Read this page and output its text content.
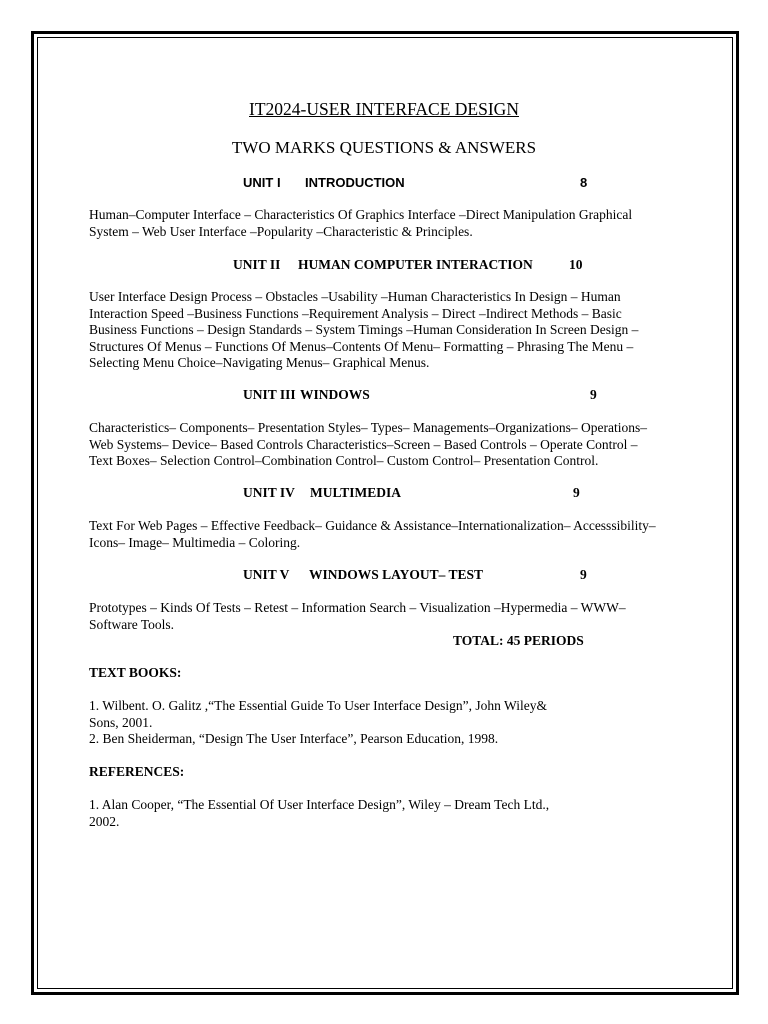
IT2024-USER INTERFACE DESIGN
TWO MARKS QUESTIONS & ANSWERS
UNIT I INTRODUCTION	8
Human–Computer Interface – Characteristics Of Graphics Interface –Direct Manipulation Graphical
System – Web User Interface –Popularity –Characteristic & Principles.
UNIT II HUMAN COMPUTER INTERACTION	10
User Interface Design Process – Obstacles –Usability –Human Characteristics In Design – Human
Interaction Speed –Business Functions –Requirement Analysis – Direct –Indirect Methods – Basic
Business Functions – Design Standards – System Timings –Human Consideration In Screen Design –
Structures Of Menus – Functions Of Menus–Contents Of Menu– Formatting – Phrasing The Menu –
Selecting Menu Choice–Navigating Menus– Graphical Menus.
UNIT III WINDOWS	9
Characteristics– Components– Presentation Styles– Types– Managements–Organizations– Operations–
Web Systems– Device– Based Controls Characteristics–Screen – Based Controls – Operate Control –
Text Boxes– Selection Control–Combination Control– Custom Control– Presentation Control.
UNIT IV MULTIMEDIA	9
Text For Web Pages – Effective Feedback– Guidance & Assistance–Internationalization– Accesssibility–
Icons– Image– Multimedia – Coloring.
UNIT V WINDOWS LAYOUT– TEST	9
Prototypes – Kinds Of Tests – Retest – Information Search – Visualization –Hypermedia – WWW–
Software Tools.
TOTAL: 45 PERIODS
TEXT BOOKS:
1. Wilbent. O. Galitz ,“The Essential Guide To User Interface Design”, John Wiley&
Sons, 2001.
2. Ben Sheiderman, “Design The User Interface”, Pearson Education, 1998.
REFERENCES:
1. Alan Cooper, “The Essential Of User Interface Design”, Wiley – Dream Tech Ltd.,
2002.
